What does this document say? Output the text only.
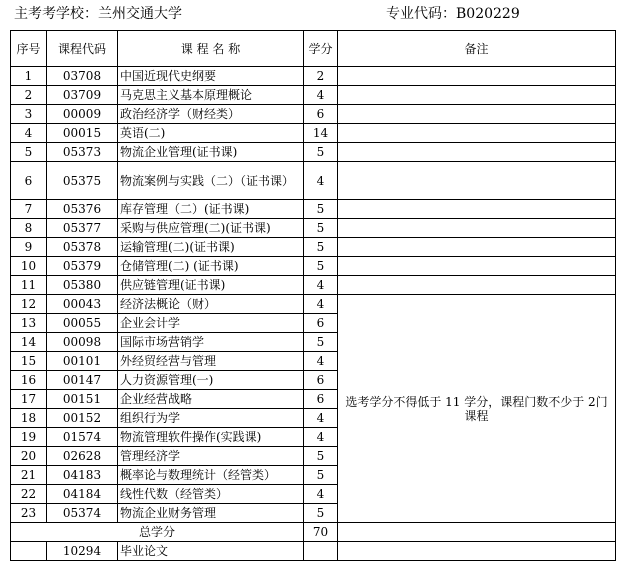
主考考学校：兰州交通大学	专业代码：B020229
序号	课程代码	课 程 名 称	学分	备注
1	03708	中国近现代史纲要	2	
2	03709	马克思主义基本原理概论	4	
3	00009	政治经济学（财经类）	6	
4	00015	英语(二)	14	
5	05373	物流企业管理(证书课)	5	
6	05375	物流案例与实践（二）（证书课）	4	
7	05376	库存管理（二）(证书课)	5	
8	05377	采购与供应管理(二)(证书课)	5	
9	05378	运输管理(二)(证书课)	5	
10	05379	仓储管理(二) (证书课)	5	
11	05380	供应链管理(证书课)	4	
12	00043	经济法概论（财）	4	选考学分不得低于 11 学分，课程门数不少于 2门课程
13	00055	企业会计学	6	
14	00098	国际市场营销学	5	
15	00101	外经贸经营与管理	4	
16	00147	人力资源管理(一)	6	
17	00151	企业经营战略	6	
18	00152	组织行为学	4	
19	01574	物流管理软件操作(实践课)	4	
20	02628	管理经济学	5	
21	04183	概率论与数理统计（经管类）	5	
22	04184	线性代数（经管类）	4	
23	05374	物流企业财务管理	5	
总学分			70	
	10294	毕业论文		
